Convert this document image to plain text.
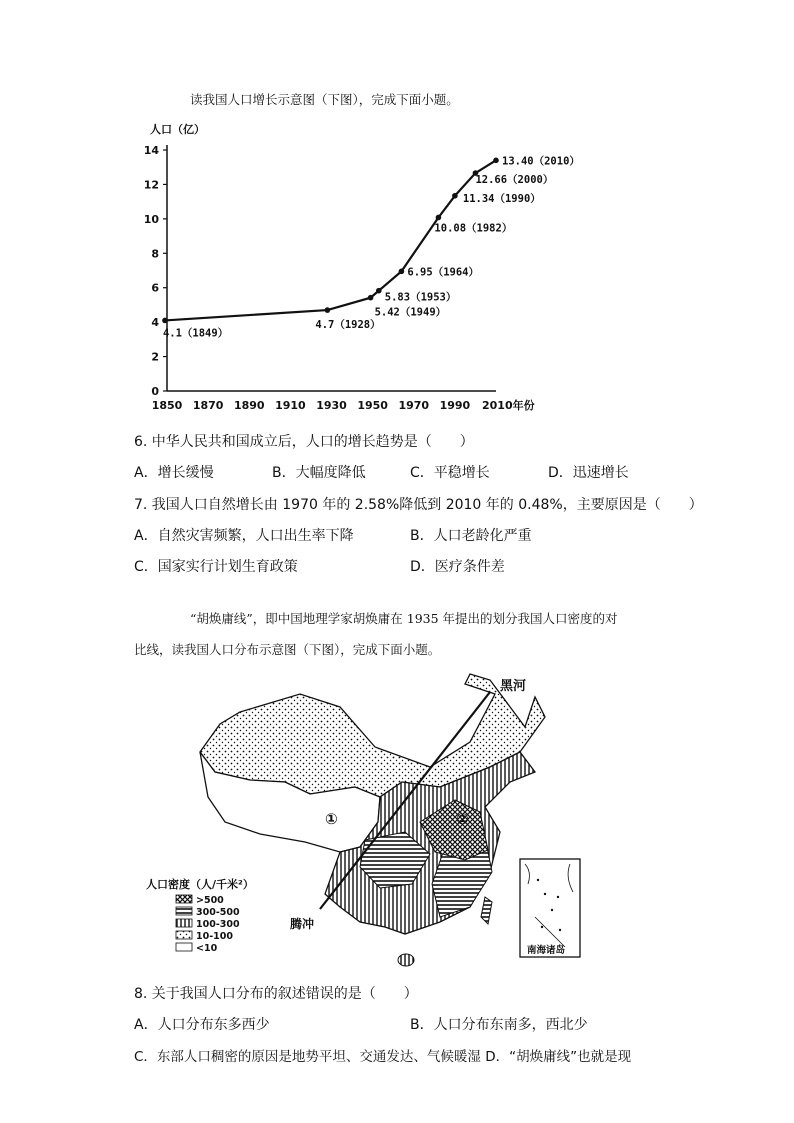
读我国人口增长示意图（下图），完成下面小题。
人口（亿）
0
2
4
6
8
10
12
14
1850 1870 1890 1910 1930 1950 1970 1990 2010年份
4.1（1849）
4.7（1928）
5.42（1949）
5.83（1953）
6.95（1964）
10.08（1982）
11.34（1990）
12.66（2000）
13.40（2010）
6. 中华人民共和国成立后，人口的增长趋势是（　　）
A．增长缓慢	B．大幅度降低	C．平稳增长	D．迅速增长
7. 我国人口自然增长由 1970 年的 2.58%降低到 2010 年的 0.48%，主要原因是（　　）
A．自然灾害频繁，人口出生率下降	B．人口老龄化严重
C．国家实行计划生育政策	D．医疗条件差
“胡焕庸线”，即中国地理学家胡焕庸在 1935 年提出的划分我国人口密度的对
比线，读我国人口分布示意图（下图），完成下面小题。
黑河
腾冲
①	②
人口密度（人/千米²）
>500
300-500
100-300
10-100
<10	南海诸岛
8. 关于我国人口分布的叙述错误的是（　　）
A．人口分布东多西少	B．人口分布东南多，西北少
C．东部人口稠密的原因是地势平坦、交通发达、气候暖湿 D．“胡焕庸线”也就是现
